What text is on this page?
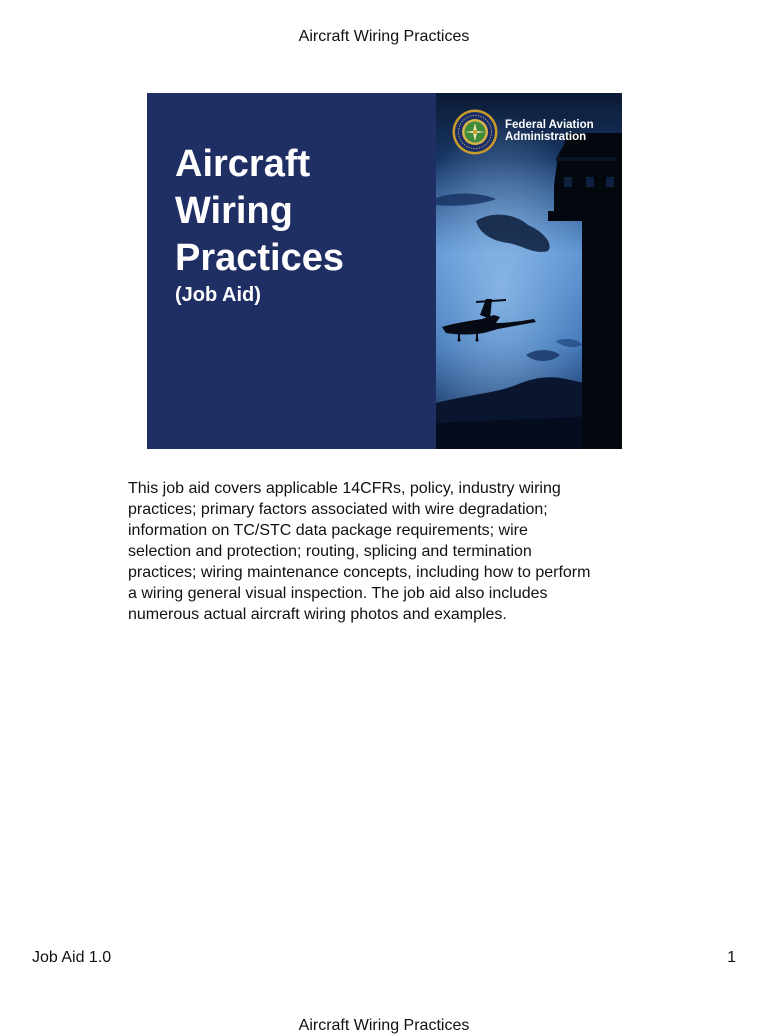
Aircraft Wiring Practices
Aircraft
Wiring
Practices
(Job Aid)
Federal Aviation
Administration

This job aid covers applicable 14CFRs, policy, industry wiring
practices; primary factors associated with wire degradation;
information on TC/STC data package requirements; wire
selection and protection; routing, splicing and termination
practices; wiring maintenance concepts, including how to perform
a wiring general visual inspection. The job aid also includes
numerous actual aircraft wiring photos and examples.

Job Aid 1.0	1
Aircraft Wiring Practices
